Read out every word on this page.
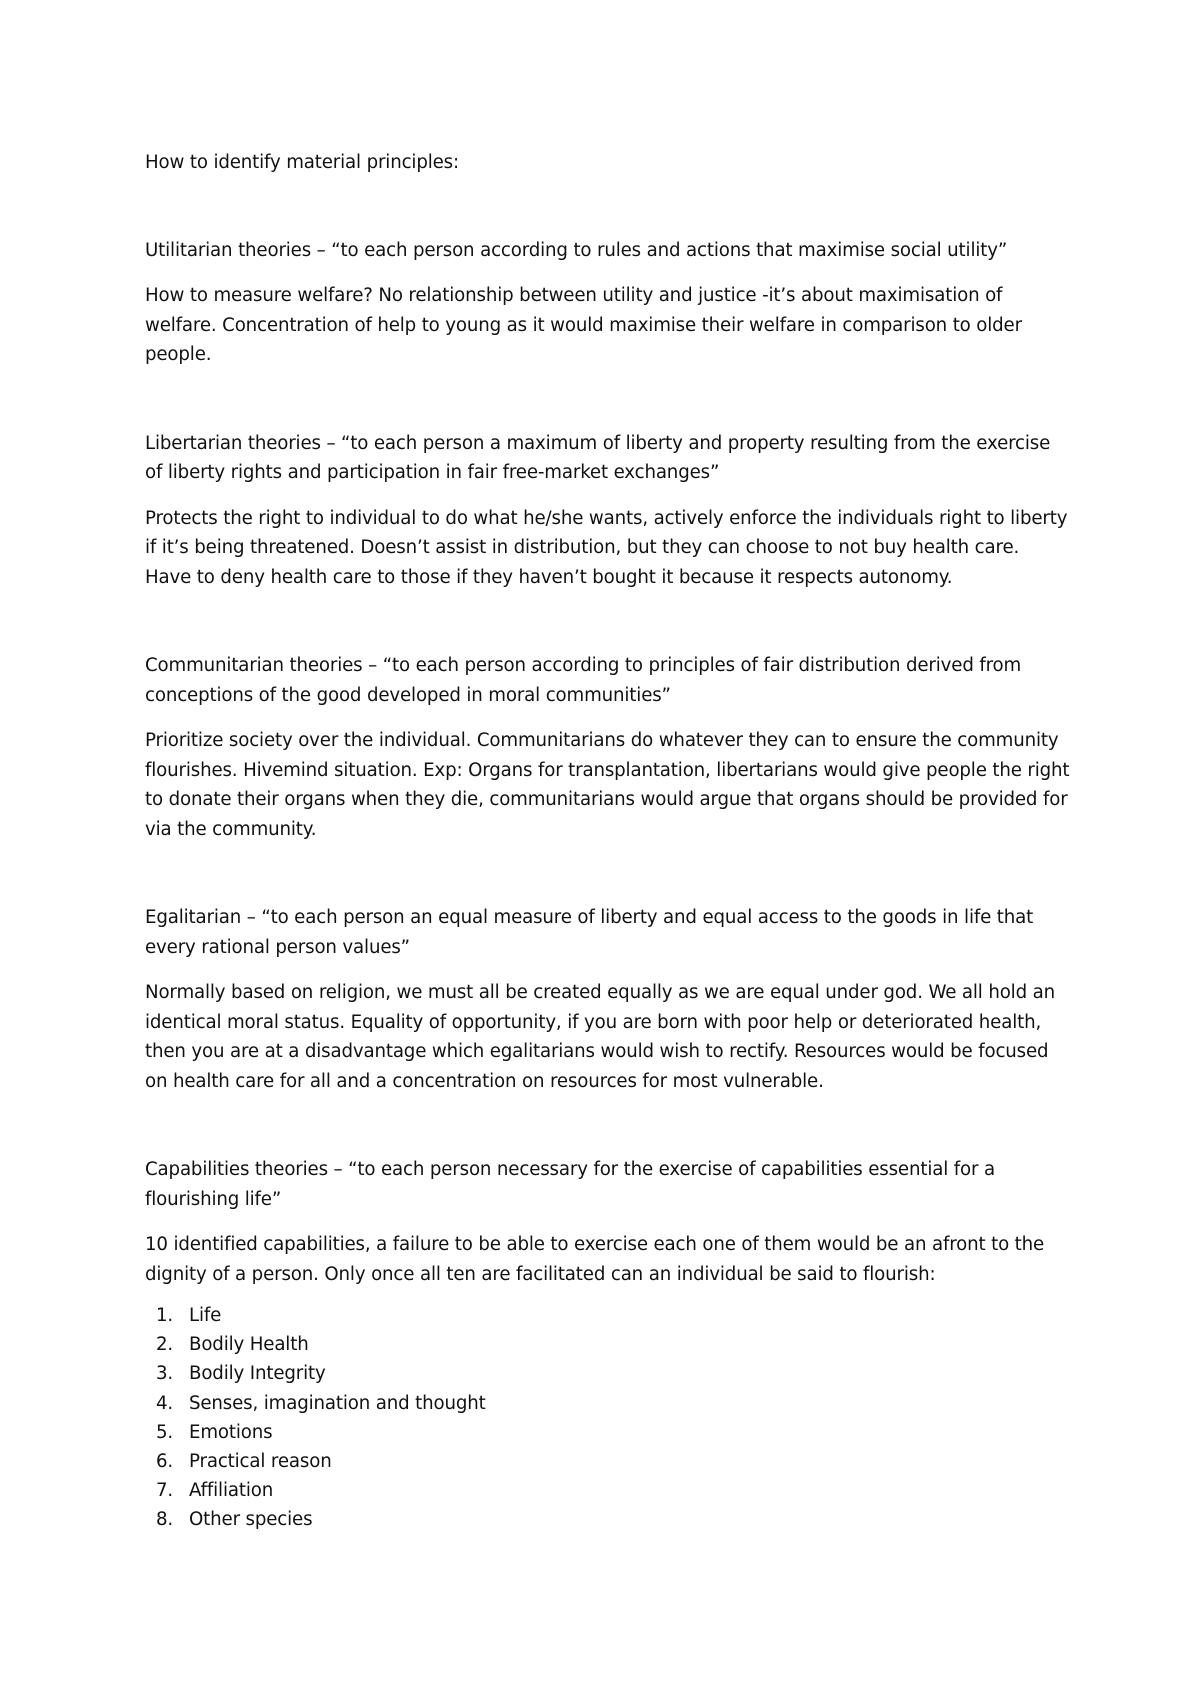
How to identify material principles:

Utilitarian theories – “to each person according to rules and actions that maximise social utility”

How to measure welfare? No relationship between utility and justice -it’s about maximisation of welfare. Concentration of help to young as it would maximise their welfare in comparison to older people.

Libertarian theories – “to each person a maximum of liberty and property resulting from the exercise of liberty rights and participation in fair free-market exchanges”

Protects the right to individual to do what he/she wants, actively enforce the individuals right to liberty if it’s being threatened. Doesn’t assist in distribution, but they can choose to not buy health care. Have to deny health care to those if they haven’t bought it because it respects autonomy.

Communitarian theories – “to each person according to principles of fair distribution derived from conceptions of the good developed in moral communities”

Prioritize society over the individual. Communitarians do whatever they can to ensure the community flourishes. Hivemind situation. Exp: Organs for transplantation, libertarians would give people the right to donate their organs when they die, communitarians would argue that organs should be provided for via the community.

Egalitarian – “to each person an equal measure of liberty and equal access to the goods in life that every rational person values”

Normally based on religion, we must all be created equally as we are equal under god. We all hold an identical moral status. Equality of opportunity, if you are born with poor help or deteriorated health, then you are at a disadvantage which egalitarians would wish to rectify. Resources would be focused on health care for all and a concentration on resources for most vulnerable.

Capabilities theories – “to each person necessary for the exercise of capabilities essential for a flourishing life”

10 identified capabilities, a failure to be able to exercise each one of them would be an afront to the dignity of a person. Only once all ten are facilitated can an individual be said to flourish:

1. Life
2. Bodily Health
3. Bodily Integrity
4. Senses, imagination and thought
5. Emotions
6. Practical reason
7. Affiliation
8. Other species
